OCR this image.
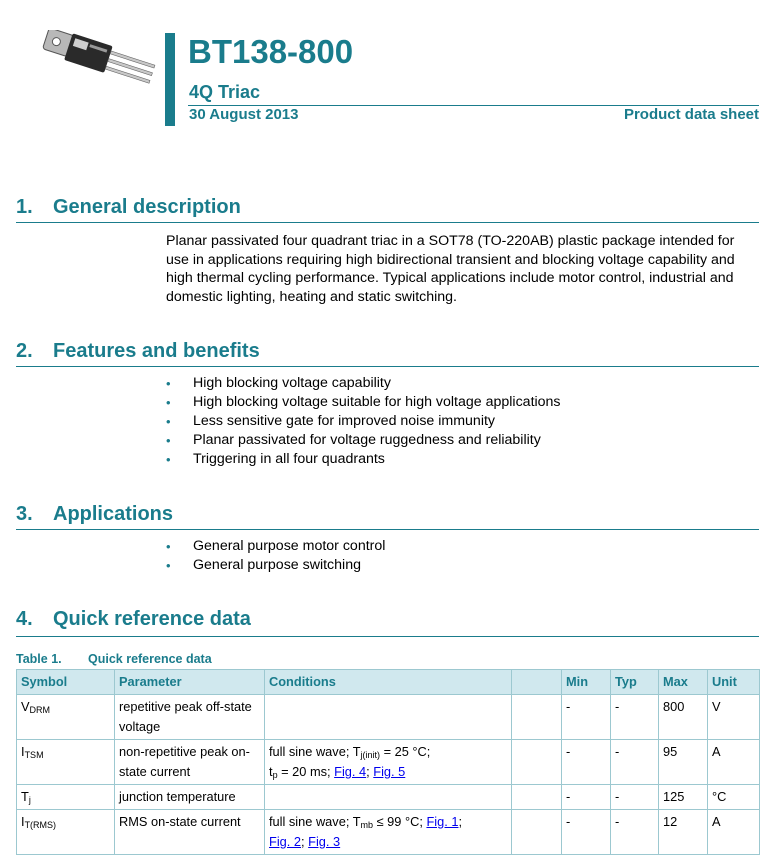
BT138-800
4Q Triac
30 August 2013	Product data sheet
1. General description

Planar passivated four quadrant triac in a SOT78 (TO-220AB) plastic package intended for use in applications requiring high bidirectional transient and blocking voltage capability and high thermal cycling performance. Typical applications include motor control, industrial and domestic lighting, heating and static switching.

2. Features and benefits
• High blocking voltage capability
• High blocking voltage suitable for high voltage applications
• Less sensitive gate for improved noise immunity
• Planar passivated for voltage ruggedness and reliability
• Triggering in all four quadrants
3. Applications
• General purpose motor control
• General purpose switching
4. Quick reference data
Table 1. Quick reference data
Symbol	Parameter	Conditions		Min	Typ	Max	Unit
$V_{DRM}$	repetitive peak off-state voltage			-	-	800	V
$I_{TSM}$	non-repetitive peak on-state current	full sine wave; $T_{j(init)} = 25$ °C;
$t_p = 20$ ms; Fig. 4; Fig. 5		-	-	95	A
$T_j$	junction temperature			-	-	125	°C
$I_{T(RMS)}$	RMS on-state current	full sine wave; $T_{mb} \le 99$ °C; Fig. 1;
Fig. 2; Fig. 3		-	-	12	A
